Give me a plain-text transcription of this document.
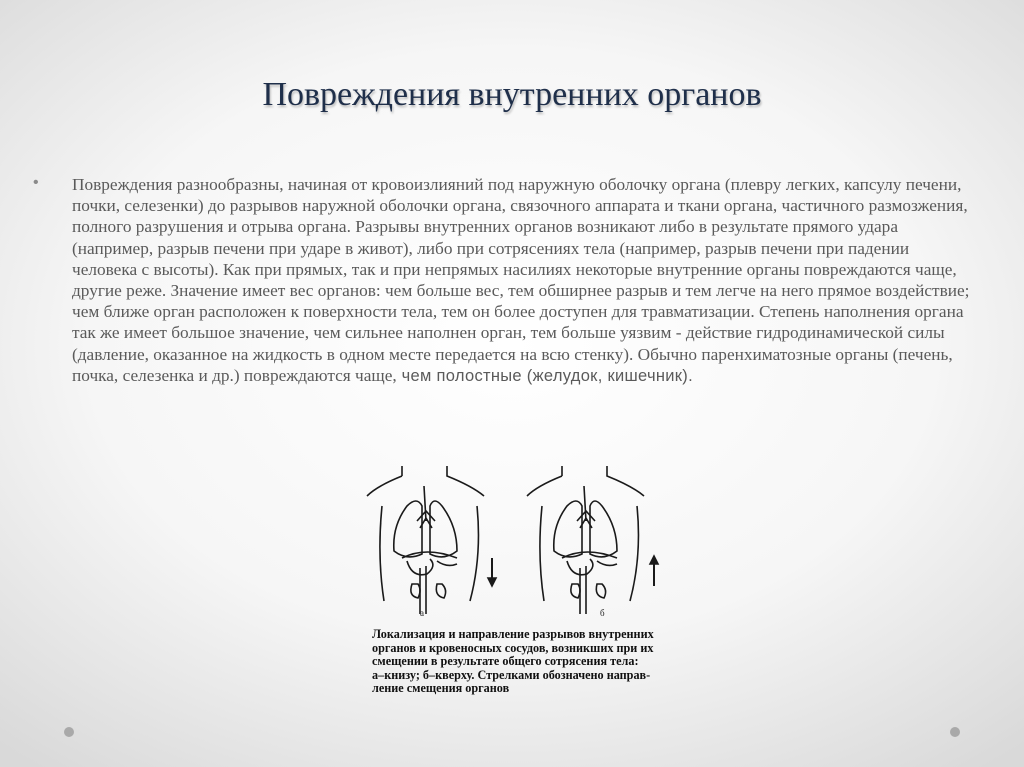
Повреждения внутренних органов
• Повреждения разнообразны, начиная от кровоизлияний под наружную оболочку органа (плевру легких, капсулу печени, почки, селезенки) до разрывов наружной оболочки органа, связочного аппарата и ткани органа, частичного размозжения, полного разрушения и отрыва органа. Разрывы внутренних органов возникают либо в результате прямого удара (например, разрыв печени при ударе в живот), либо при сотрясениях тела (например, разрыв печени при падении человека с высоты). Как при прямых, так и при непрямых насилиях некоторые внутренние органы повреждаются чаще, другие реже. Значение имеет вес органов: чем больше вес, тем обширнее разрыв и тем легче на него прямое воздействие; чем ближе орган расположен к поверхности тела, тем он более доступен для травматизации. Степень наполнения органа так же имеет большое значение, чем сильнее наполнен орган, тем больше уязвим - действие гидродинамической силы (давление, оказанное на жидкость в одном месте передается на всю стенку). Обычно паренхиматозные органы (печень, почка, селезенка и др.) повреждаются чаще, чем полостные (желудок, кишечник).

а	б

Локализация и направление разрывов внутренних
органов и кровеносных сосудов, возникших при их
смещении в результате общего сотрясения тела:
а–книзу; б–кверху. Стрелками обозначено направ-
ление смещения органов
